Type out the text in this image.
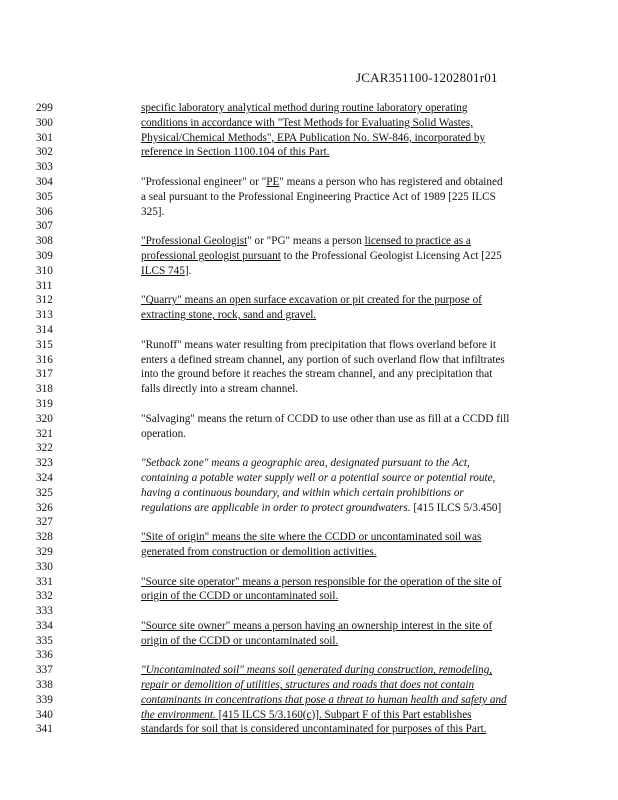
JCAR351100-1202801r01
299	specific laboratory analytical method during routine laboratory operating
300	conditions in accordance with "Test Methods for Evaluating Solid Wastes,
301	Physical/Chemical Methods", EPA Publication No. SW-846, incorporated by
302	reference in Section 1100.104 of this Part.
303
304	"Professional engineer" or "PE" means a person who has registered and obtained
305	a seal pursuant to the Professional Engineering Practice Act of 1989 [225 ILCS
306	325].
307
308	"Professional Geologist" or "PG" means a person licensed to practice as a
309	professional geologist pursuant to the Professional Geologist Licensing Act [225
310	ILCS 745].
311
312	"Quarry" means an open surface excavation or pit created for the purpose of
313	extracting stone, rock, sand and gravel.
314
315	"Runoff" means water resulting from precipitation that flows overland before it
316	enters a defined stream channel, any portion of such overland flow that infiltrates
317	into the ground before it reaches the stream channel, and any precipitation that
318	falls directly into a stream channel.
319
320	"Salvaging" means the return of CCDD to use other than use as fill at a CCDD fill
321	operation.
322
323	"Setback zone" means a geographic area, designated pursuant to the Act,
324	containing a potable water supply well or a potential source or potential route,
325	having a continuous boundary, and within which certain prohibitions or
326	regulations are applicable in order to protect groundwaters. [415 ILCS 5/3.450]
327
328	"Site of origin" means the site where the CCDD or uncontaminated soil was
329	generated from construction or demolition activities.
330
331	"Source site operator" means a person responsible for the operation of the site of
332	origin of the CCDD or uncontaminated soil.
333
334	"Source site owner" means a person having an ownership interest in the site of
335	origin of the CCDD or uncontaminated soil.
336
337	"Uncontaminated soil" means soil generated during construction, remodeling,
338	repair or demolition of utilities, structures and roads that does not contain
339	contaminants in concentrations that pose a threat to human health and safety and
340	the environment. [415 ILCS 5/3.160(c)]. Subpart F of this Part establishes
341	standards for soil that is considered uncontaminated for purposes of this Part.
